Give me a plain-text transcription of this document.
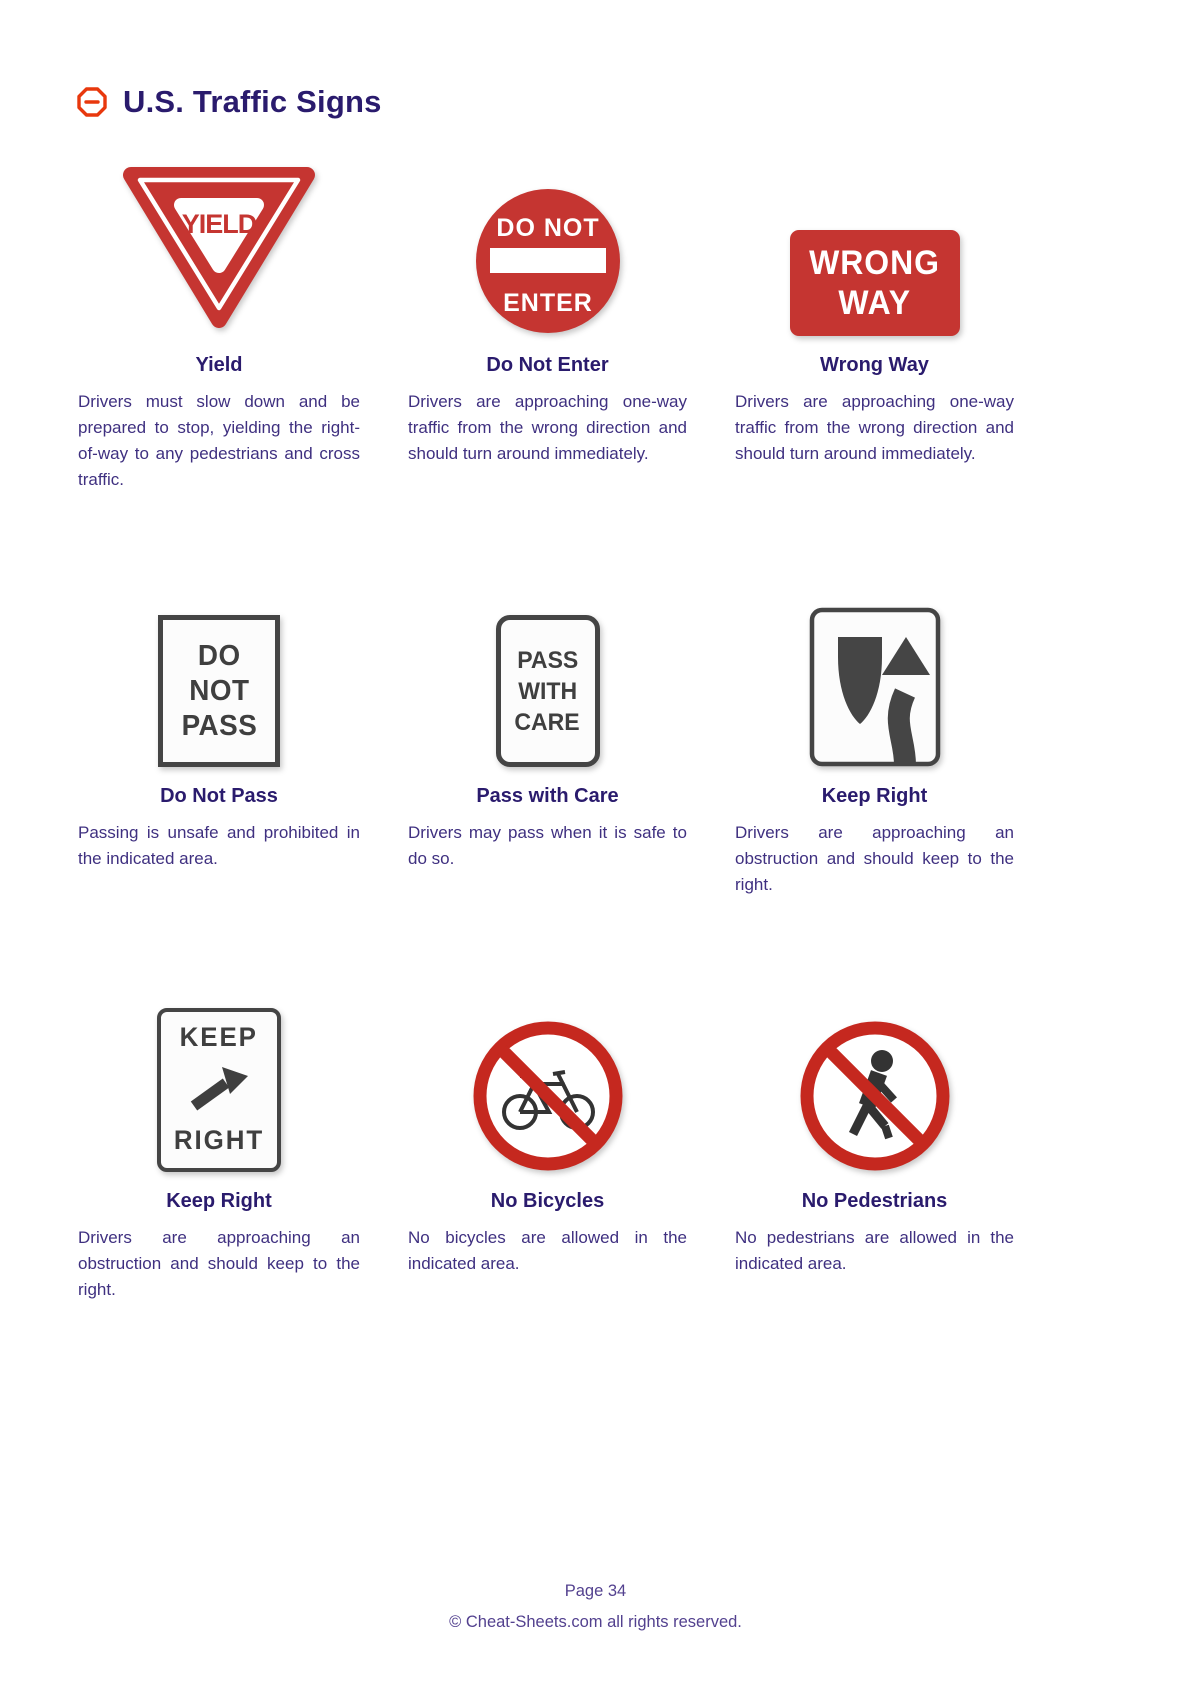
U.S. Traffic Signs
YIELD
Yield

Drivers must slow down and be prepared to stop, yielding the right-of-way to any pedestrians and cross traffic.

DO NOT
ENTER
Do Not Enter

Drivers are approaching one-way traffic from the wrong direction and should turn around immediately.

WRONG
WAY
Wrong Way

Drivers are approaching one-way traffic from the wrong direction and should turn around immediately.

DO
NOT
PASS
Do Not Pass

Passing is unsafe and prohibited in the indicated area.

PASS
WITH
CARE
Pass with Care

Drivers may pass when it is safe to do so.

Keep Right

Drivers are approaching an obstruction and should keep to the right.

KEEP
RIGHT
Keep Right

Drivers are approaching an obstruction and should keep to the right.

No Bicycles

No bicycles are allowed in the indicated area.

No Pedestrians

No pedestrians are allowed in the indicated area.

Page 34
© Cheat-Sheets.com all rights reserved.
